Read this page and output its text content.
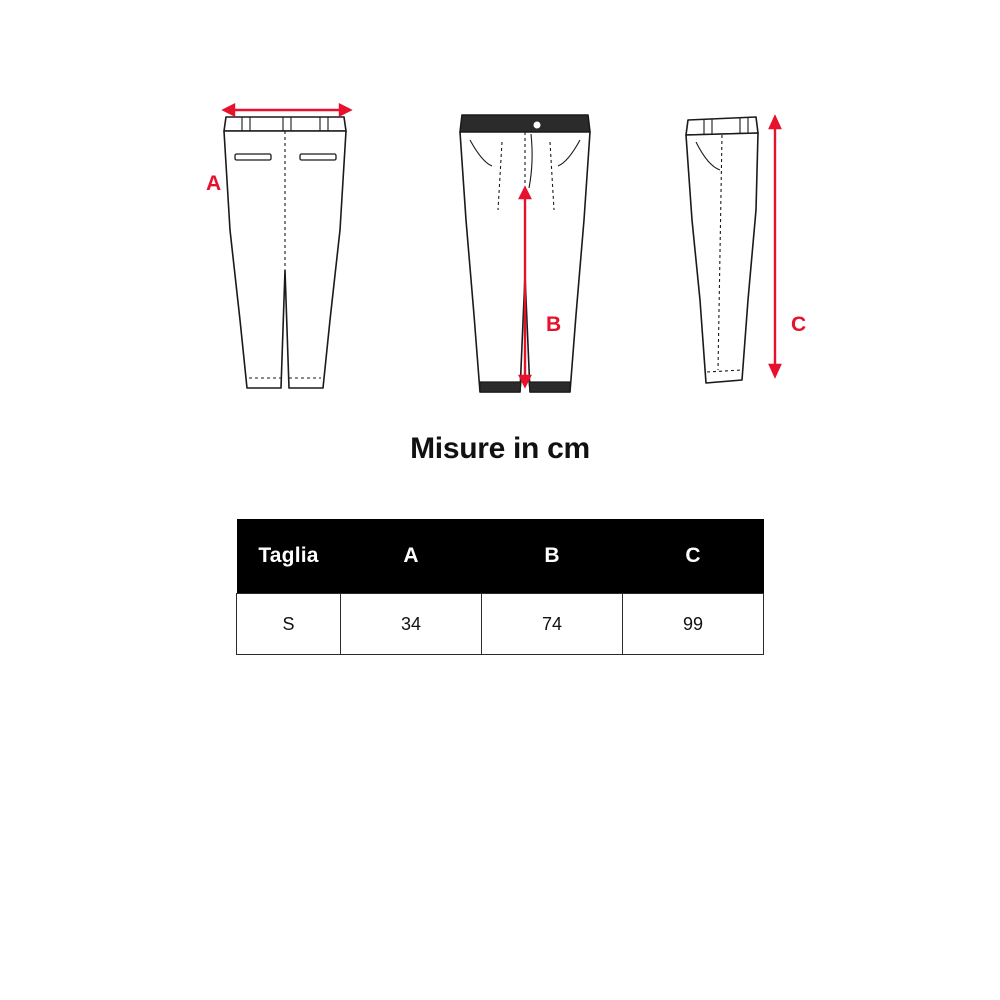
A
B	C
Misure in cm
Taglia	A	B	C
S	34	74	99
